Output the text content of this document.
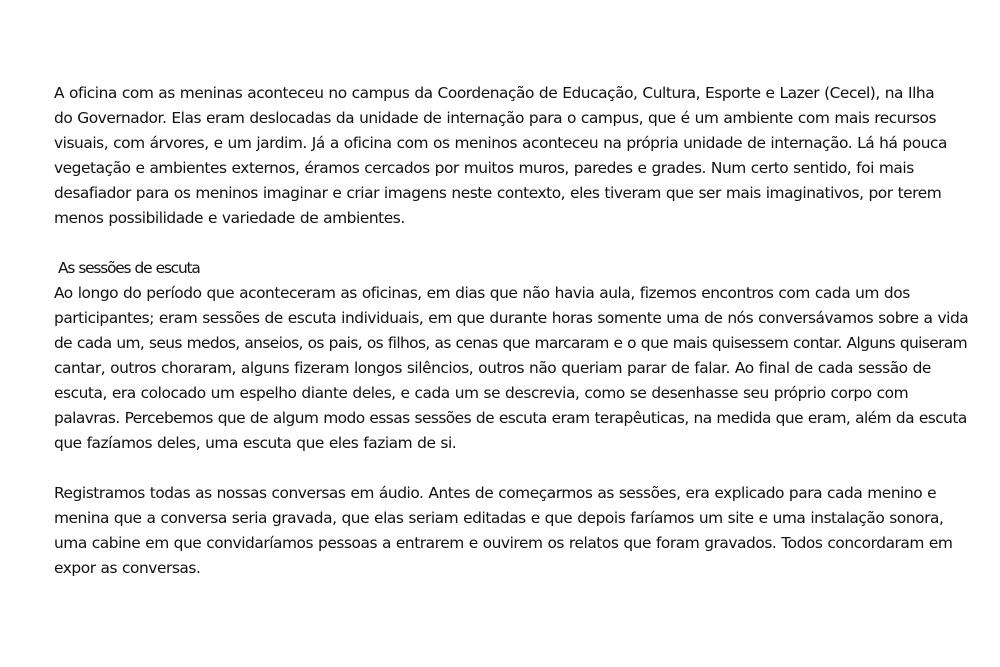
A oficina com as meninas aconteceu no campus da Coordenação de Educação, Cultura, Esporte e Lazer (Cecel), na Ilha
do Governador. Elas eram deslocadas da unidade de internação para o campus, que é um ambiente com mais recursos
visuais, com árvores, e um jardim. Já a oficina com os meninos aconteceu na própria unidade de internação. Lá há pouca
vegetação e ambientes externos, éramos cercados por muitos muros, paredes e grades. Num certo sentido, foi mais
desafiador para os meninos imaginar e criar imagens neste contexto, eles tiveram que ser mais imaginativos, por terem
menos possibilidade e variedade de ambientes.
As sessões de escuta
Ao longo do período que aconteceram as oficinas, em dias que não havia aula, fizemos encontros com cada um dos
participantes; eram sessões de escuta individuais, em que durante horas somente uma de nós conversávamos sobre a vida
de cada um, seus medos, anseios, os pais, os filhos, as cenas que marcaram e o que mais quisessem contar. Alguns quiseram
cantar, outros choraram, alguns fizeram longos silêncios, outros não queriam parar de falar. Ao final de cada sessão de
escuta, era colocado um espelho diante deles, e cada um se descrevia, como se desenhasse seu próprio corpo com
palavras. Percebemos que de algum modo essas sessões de escuta eram terapêuticas, na medida que eram, além da escuta
que fazíamos deles, uma escuta que eles faziam de si.
Registramos todas as nossas conversas em áudio. Antes de começarmos as sessões, era explicado para cada menino e
menina que a conversa seria gravada, que elas seriam editadas e que depois faríamos um site e uma instalação sonora,
uma cabine em que convidaríamos pessoas a entrarem e ouvirem os relatos que foram gravados. Todos concordaram em
expor as conversas.
